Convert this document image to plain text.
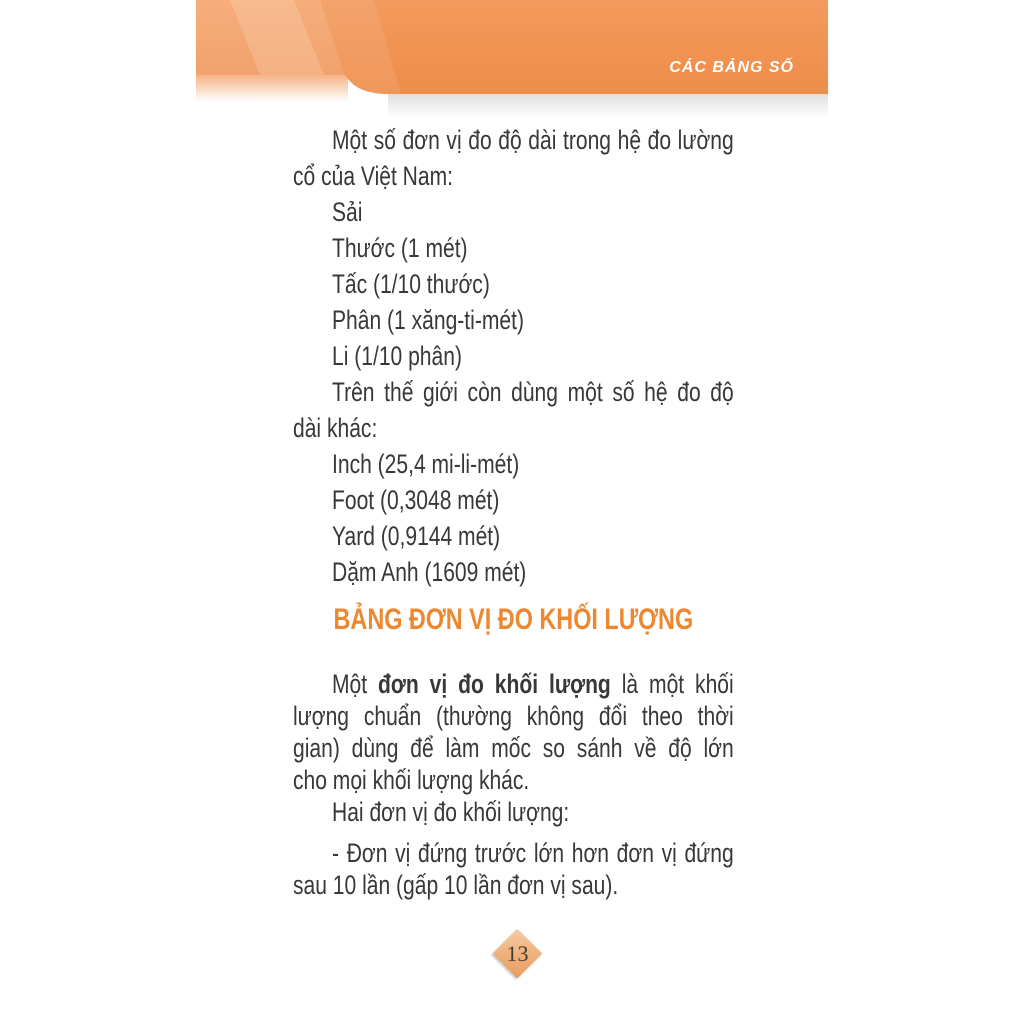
CÁC BẢNG SỐ
Một số đơn vị đo độ dài trong hệ đo lường
cổ của Việt Nam:
Sải
Thước (1 mét)
Tấc (1/10 thước)
Phân (1 xăng-ti-mét)
Li (1/10 phân)
Trên thế giới còn dùng một số hệ đo độ
dài khác:
Inch (25,4 mi-li-mét)
Foot (0,3048 mét)
Yard (0,9144 mét)
Dặm Anh (1609 mét)
BẢNG ĐƠN VỊ ĐO KHỐI LƯỢNG
Một đơn vị đo khối lượng là một khối
lượng chuẩn (thường không đổi theo thời
gian) dùng để làm mốc so sánh về độ lớn
cho mọi khối lượng khác.
Hai đơn vị đo khối lượng:
- Đơn vị đứng trước lớn hơn đơn vị đứng
sau 10 lần (gấp 10 lần đơn vị sau).
13
